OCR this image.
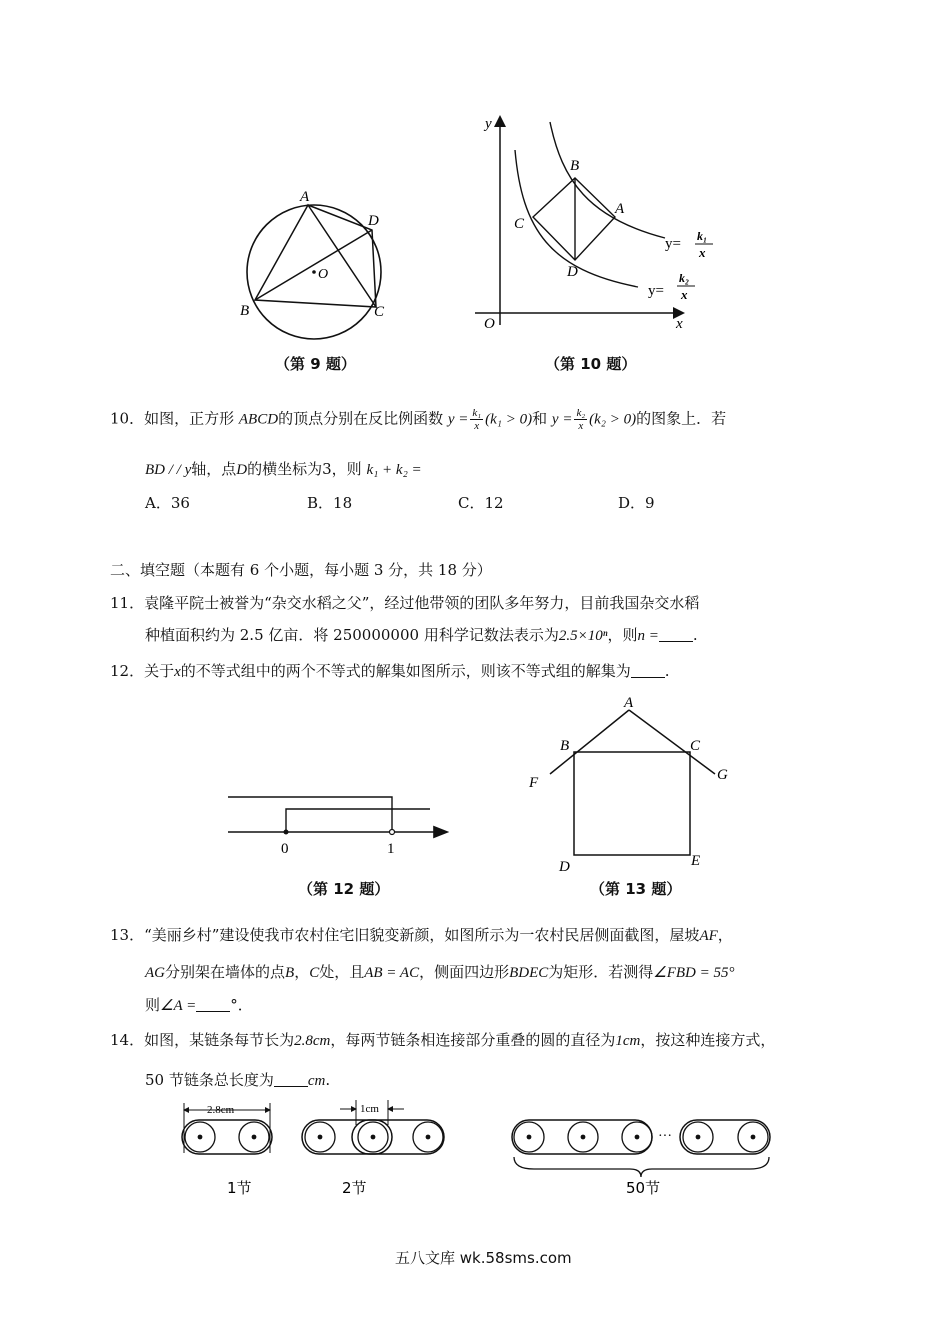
A
B	C
D
O
（第 9 题）
y
x
O
B
A
C
D
y= k₁
x
y=
k₂
x
（第 10 题）
10．如图，正方形 ABCD的顶点分别在反比例函数 $y = \frac{\text{k₁}}{x} (k_1 > 0)$和 $y = \frac{\text{k₂}}{x} (k_2 > 0)$的图象上．若
BD / / y轴，点D的横坐标为3，则 k₁ + k₂ =
A．36	B．18	C．12	D．9
二、填空题（本题有 6 个小题，每小题 3 分，共 18 分）
11．袁隆平院士被誉为“杂交水稻之父”，经过他带领的团队多年努力，目前我国杂交水稻
种植面积约为 2.5 亿亩．将 250000000 用科学记数法表示为2.5×10ⁿ，则n = .
12．关于x的不等式组中的两个不等式的解集如图所示，则该不等式组的解集为 .
0	1
（第 12 题）
A
B	C
D	E
F	G
（第 13 题）
13．“美丽乡村”建设使我市农村住宅旧貌变新颜，如图所示为一农村民居侧面截图，屋坡AF，
AG分别架在墙体的点B，C处，且AB = AC，侧面四边形BDEC为矩形．若测得∠FBD = 55°
则∠A = °．
14．如图，某链条每节长为2.8cm，每两节链条相连接部分重叠的圆的直径为1cm，按这种连接方式，
50 节链条总长度为 cm.
2.8cm	1cm
···
1节	2节	50节
五八文库 wk.58sms.com
